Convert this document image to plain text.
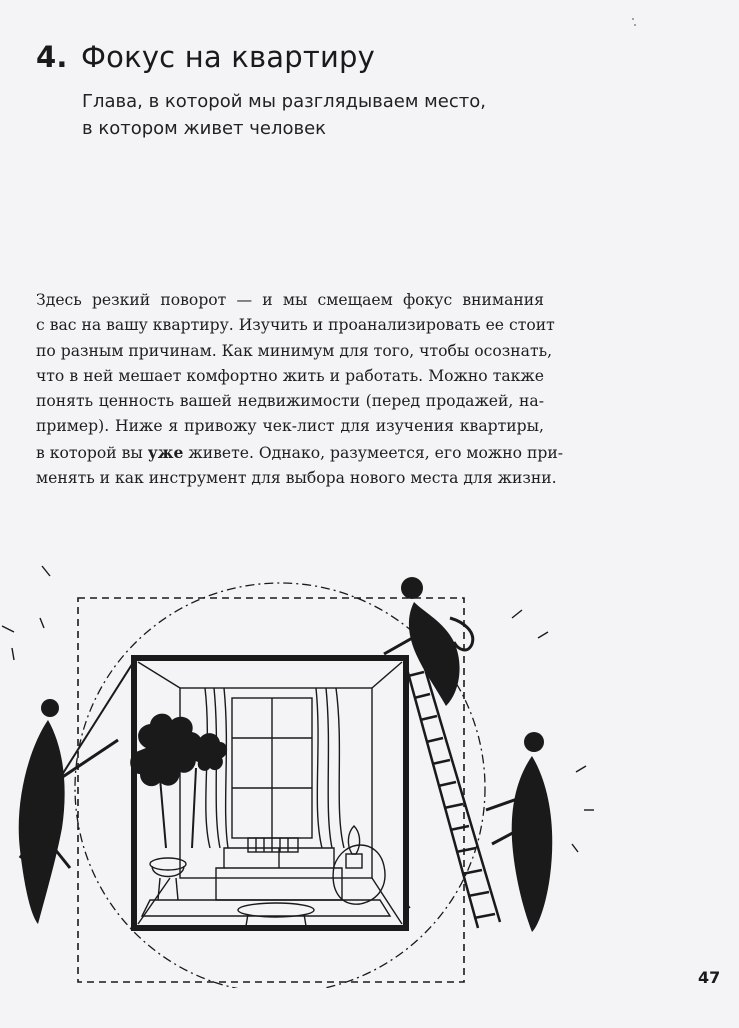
4. Фокус на квартиру
Глава, в которой мы разглядываем место,
в котором живет человек
Здесь резкий поворот — и мы смещаем фокус внимания
с вас на вашу квартиру. Изучить и проанализировать ее стоит
по разным причинам. Как минимум для того, чтобы осознать,
что в ней мешает комфортно жить и работать. Можно также
понять ценность вашей недвижимости (перед продажей, на-
пример). Ниже я привожу чек-лист для изучения квартиры,
в которой вы уже живете. Однако, разумеется, его можно при-
менять и как инструмент для выбора нового места для жизни.
47
